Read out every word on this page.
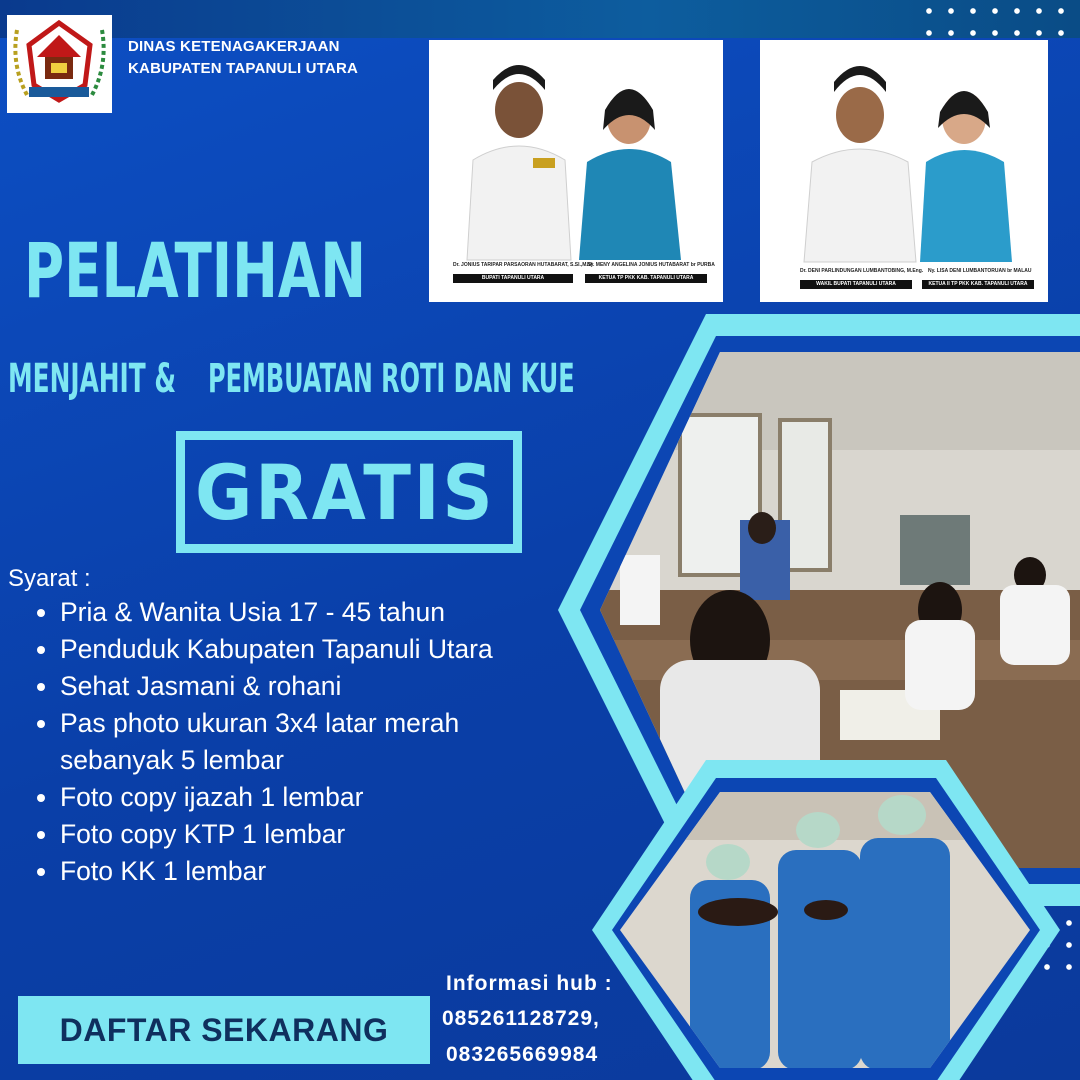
DINAS KETENAGAKERJAAN
KABUPATEN TAPANULI UTARA
Dr. JONIUS TARIPAR PARSAORAN HUTABARAT, S.SI.,M.SI
Ny. MENY ANGELINA JONIUS HUTABARAT br PURBA
BUPATI TAPANULI UTARA	KETUA TP PKK KAB. TAPANULI UTARA
Dr. DENI PARLINDUNGAN LUMBANTOBING, M.Eng. Ny. LISA DENI LUMBANTORUAN br MALAU
WAKIL BUPATI TAPANULI UTARA	KETUA II TP PKK KAB. TAPANULI UTARA
PELATIHAN
MENJAHIT & PEMBUATAN ROTI DAN KUE
GRATIS
Syarat :
• Pria & Wanita Usia 17 - 45 tahun
• Penduduk Kabupaten Tapanuli Utara
• Sehat Jasmani & rohani
• Pas photo ukuran 3x4 latar merah sebanyak 5 lembar
• Foto copy ijazah 1 lembar
• Foto copy KTP 1 lembar
• Foto KK 1 lembar
DAFTAR SEKARANG
Informasi hub :
085261128729,
083265669984
